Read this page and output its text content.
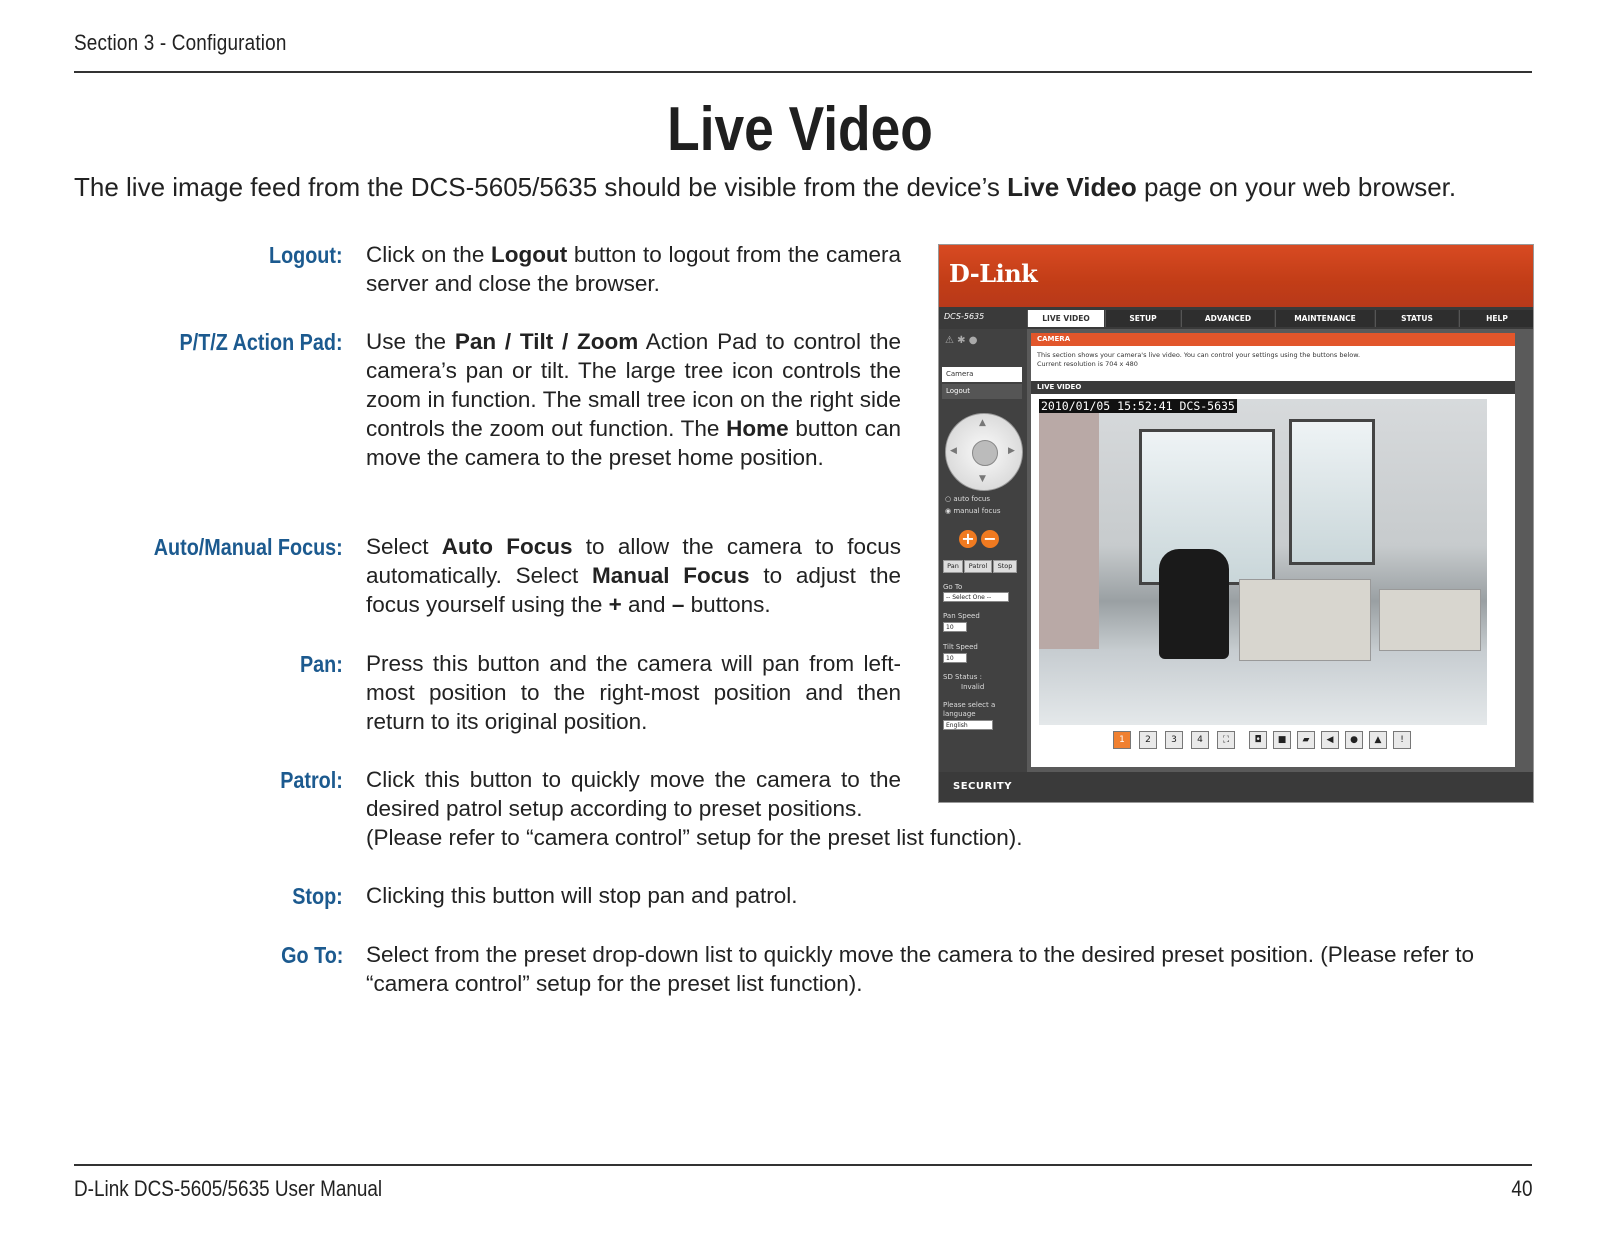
Section 3 - Configuration
Live Video
The live image feed from the DCS-5605/5635 should be visible from the device’s Live Video page on your web browser.
Logout: Click on the Logout button to logout from the camera server and close the browser.
P/T/Z Action Pad: Use the Pan / Tilt / Zoom Action Pad to control the camera’s pan or tilt. The large tree icon controls the zoom in function. The small tree icon on the right side controls the zoom out function. The Home button can move the camera to the preset home position.
Auto/Manual Focus: Select Auto Focus to allow the camera to focus automatically. Select Manual Focus to adjust the focus yourself using the + and – buttons.
Pan: Press this button and the camera will pan from left-most position to the right-most position and then return to its original position.
Patrol: Click this button to quickly move the camera to the desired patrol setup according to preset positions.
(Please refer to “camera control” setup for the preset list function).
Stop: Clicking this button will stop pan and patrol.
Go To: Select from the preset drop-down list to quickly move the camera to the desired preset position. (Please refer to “camera control” setup for the preset list function).
D-Link
DCS-5635	LIVE VIDEO	SETUP	ADVANCED	MAINTENANCE	STATUS	HELP
⚠ ✱ ●
Camera
Logout
▲
▼
◀	▶
○ auto focus
◉ manual focus
+ −
Pan	Patrol	Stop
Go To
-- Select One --
Pan Speed
10
Tilt Speed
10
SD Status :
Invalid
Please select a
language
English
CAMERA
This section shows your camera's live video. You can control your settings using the buttons below.
Current resolution is 704 x 480
LIVE VIDEO
2010/01/05 15:52:41 DCS-5635
1	2	3	4	⛶	◘	■	▰	◀	●	▲	!
SECURITY
D-Link DCS-5605/5635 User Manual	40
